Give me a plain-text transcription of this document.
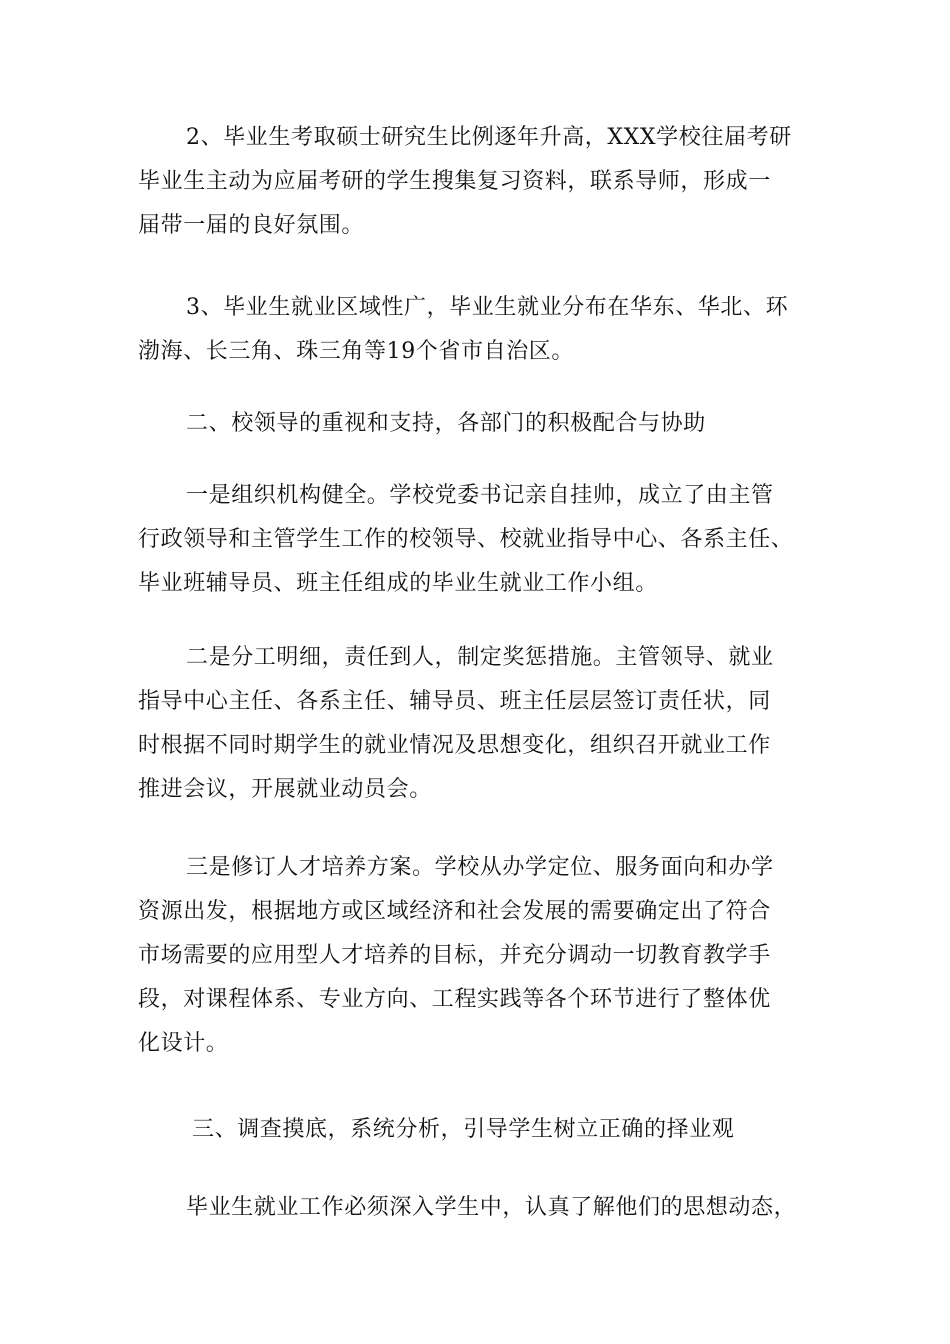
2、毕业生考取硕士研究生比例逐年升高，XXX学校往届考研
毕业生主动为应届考研的学生搜集复习资料，联系导师，形成一
届带一届的良好氛围。
3、毕业生就业区域性广，毕业生就业分布在华东、华北、环
渤海、长三角、珠三角等19个省市自治区。
二、校领导的重视和支持，各部门的积极配合与协助
一是组织机构健全。学校党委书记亲自挂帅，成立了由主管
行政领导和主管学生工作的校领导、校就业指导中心、各系主任、
毕业班辅导员、班主任组成的毕业生就业工作小组。
二是分工明细，责任到人，制定奖惩措施。主管领导、就业
指导中心主任、各系主任、辅导员、班主任层层签订责任状，同
时根据不同时期学生的就业情况及思想变化，组织召开就业工作
推进会议，开展就业动员会。
三是修订人才培养方案。学校从办学定位、服务面向和办学
资源出发，根据地方或区域经济和社会发展的需要确定出了符合
市场需要的应用型人才培养的目标，并充分调动一切教育教学手
段，对课程体系、专业方向、工程实践等各个环节进行了整体优
化设计。
三、调查摸底，系统分析，引导学生树立正确的择业观
毕业生就业工作必须深入学生中，认真了解他们的思想动态，
